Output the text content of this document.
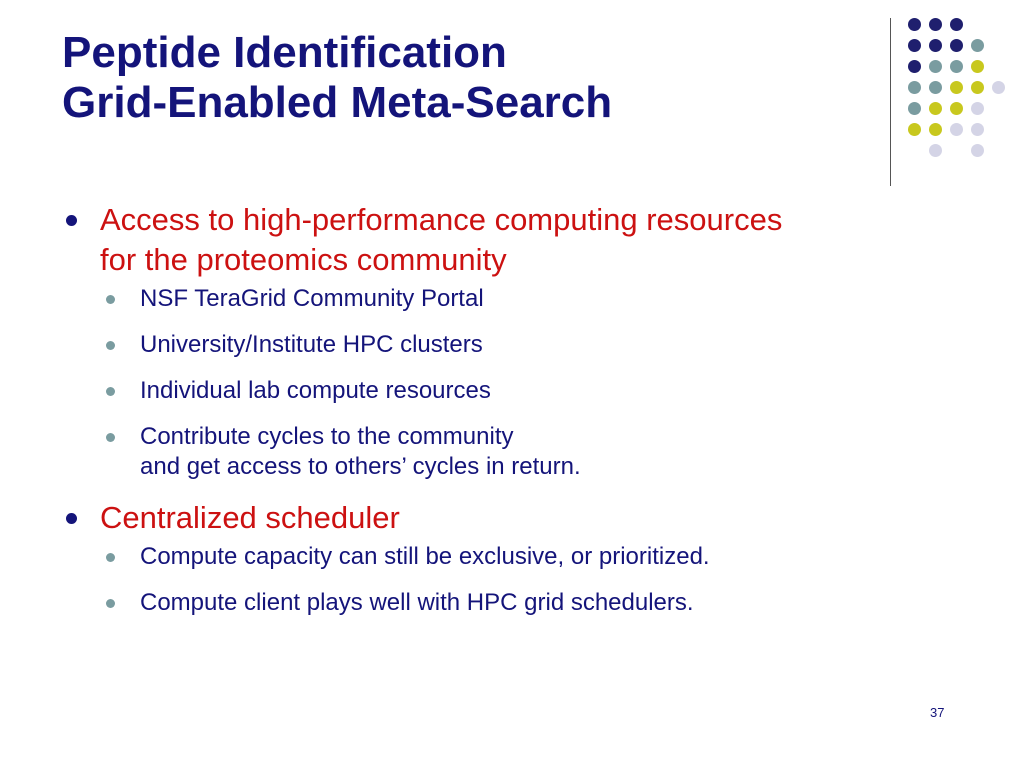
Peptide Identification
Grid-Enabled Meta-Search
Access to high-performance computing resources
for the proteomics community
NSF TeraGrid Community Portal
University/Institute HPC clusters
Individual lab compute resources
Contribute cycles to the community
and get access to others’ cycles in return.
Centralized scheduler
Compute capacity can still be exclusive, or prioritized.
Compute client plays well with HPC grid schedulers.
37
